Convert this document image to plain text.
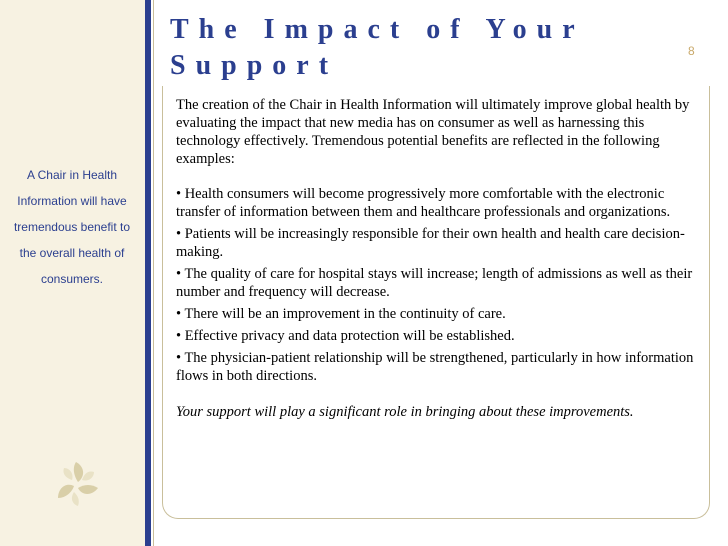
A Chair in Health Information will have tremendous benefit to the overall health of consumers.
The Impact of Your Support	8

The creation of the Chair in Health Information will ultimately improve global health by evaluating the impact that new media has on consumer as well as harnessing this technology effectively. Tremendous potential benefits are reflected in the following examples:

• Health consumers will become progressively more comfortable with the electronic transfer of information between them and healthcare professionals and organizations.
• Patients will be increasingly responsible for their own health and health care decision-making.
• The quality of care for hospital stays will increase; length of admissions as well as their number and frequency will decrease.
• There will be an improvement in the continuity of care.
• Effective privacy and data protection will be established.
• The physician-patient relationship will be strengthened, particularly in how information flows in both directions.

Your support will play a significant role in bringing about these improvements.
